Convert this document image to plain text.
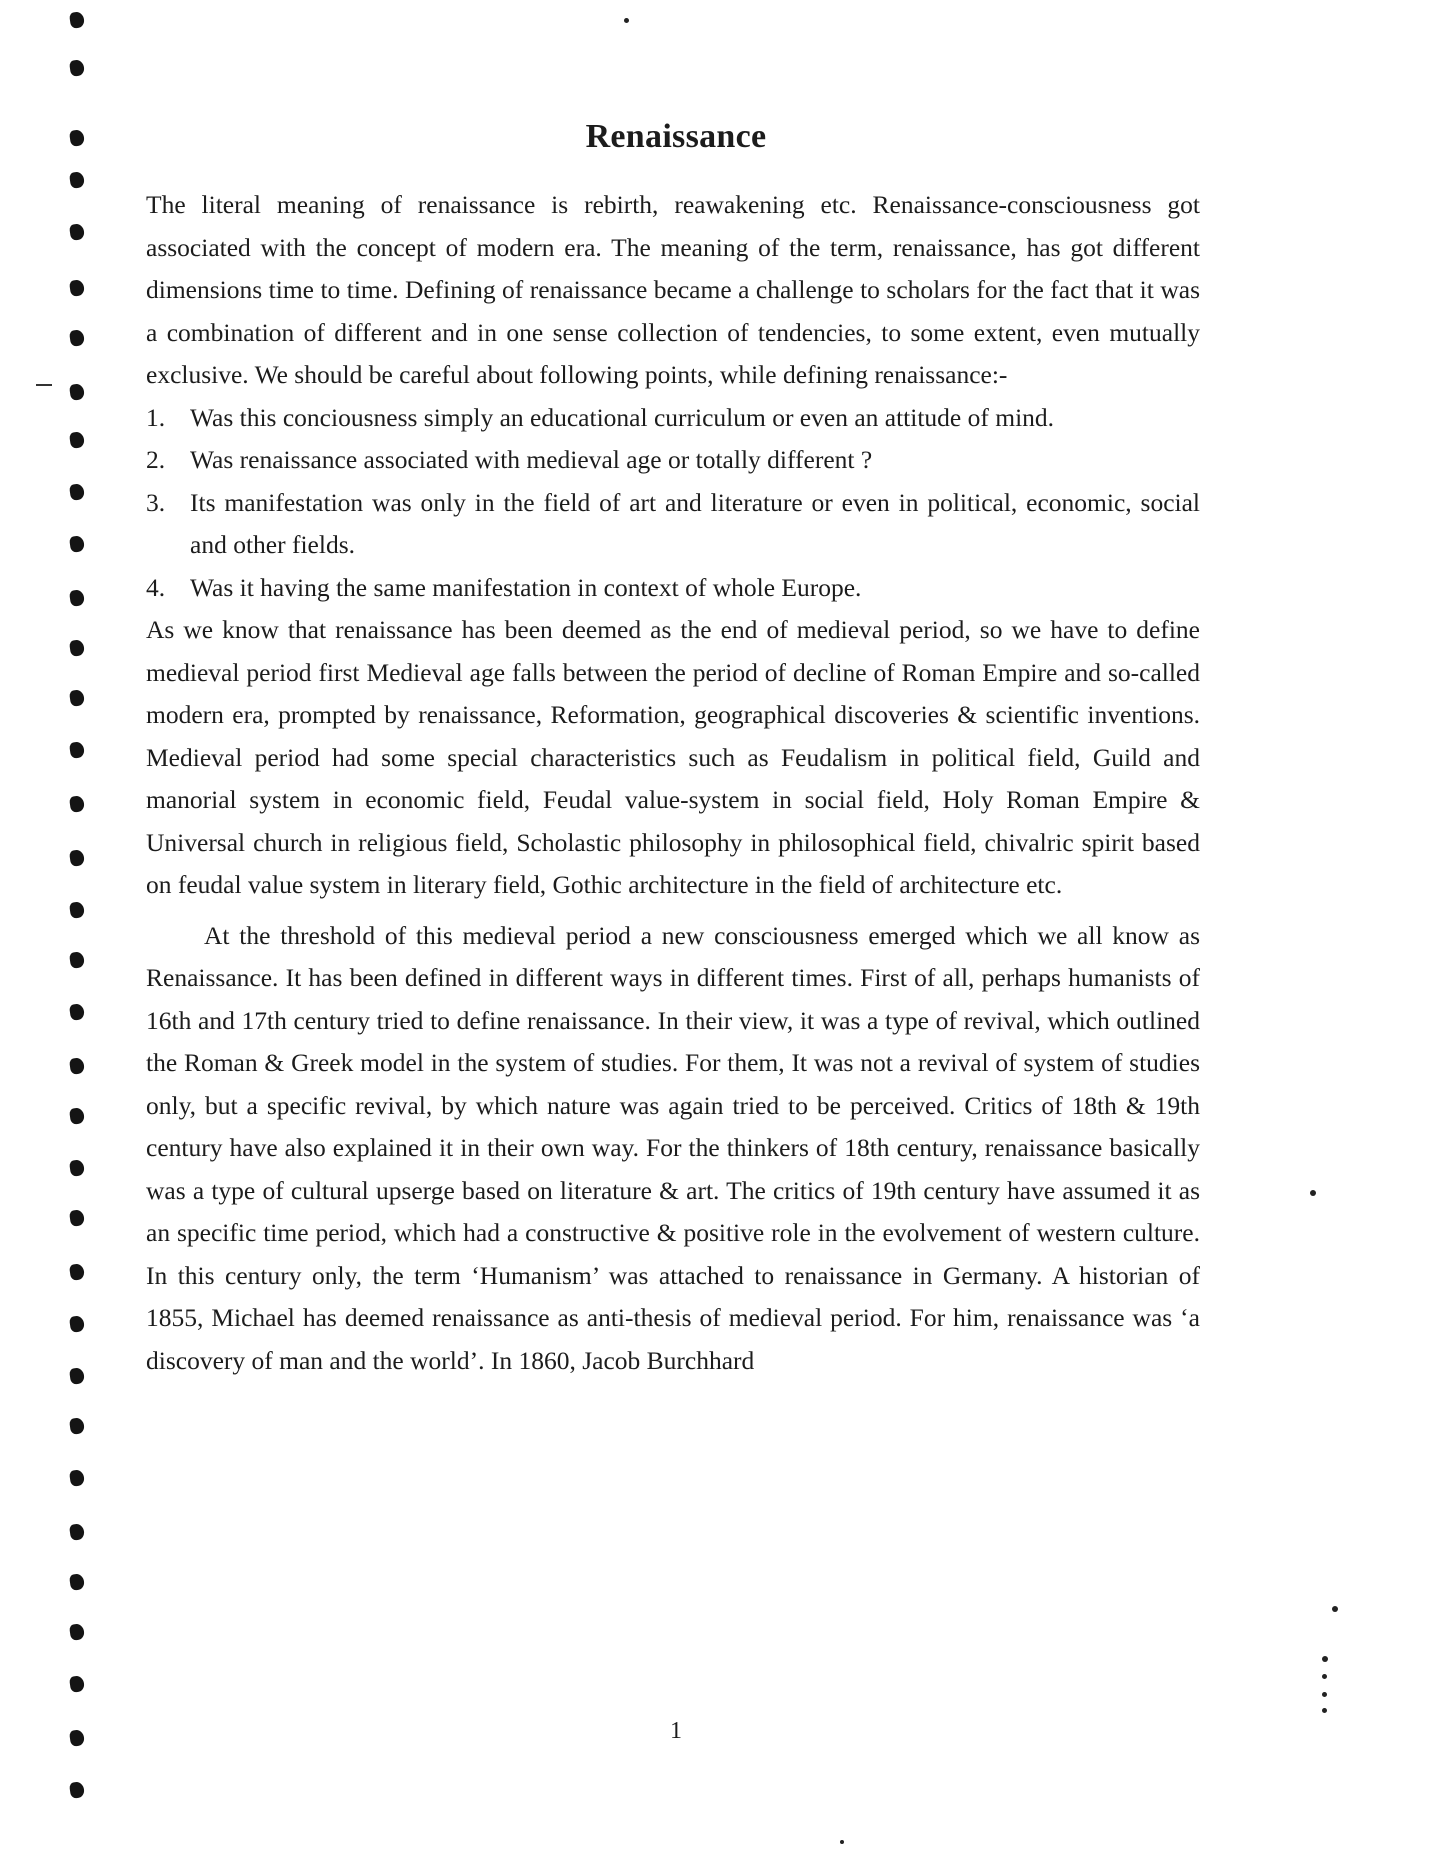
Renaissance

The literal meaning of renaissance is rebirth, reawakening etc. Renaissance-consciousness got associated with the concept of modern era. The meaning of the term, renaissance, has got different dimensions time to time. Defining of renaissance became a challenge to scholars for the fact that it was a combination of different and in one sense collection of tendencies, to some extent, even mutually exclusive. We should be careful about following points, while defining renaissance:-

1. Was this conciousness simply an educational curriculum or even an attitude of mind.
2. Was renaissance associated with medieval age or totally different ?
3. Its manifestation was only in the field of art and literature or even in political, economic, social and other fields.
4. Was it having the same manifestation in context of whole Europe.

As we know that renaissance has been deemed as the end of medieval period, so we have to define medieval period first Medieval age falls between the period of decline of Roman Empire and so-called modern era, prompted by renaissance, Reformation, geographical discoveries & scientific inventions. Medieval period had some special characteristics such as Feudalism in political field, Guild and manorial system in economic field, Feudal value-system in social field, Holy Roman Empire & Universal church in religious field, Scholastic philosophy in philosophical field, chivalric spirit based on feudal value system in literary field, Gothic architecture in the field of architecture etc.

At the threshold of this medieval period a new consciousness emerged which we all know as Renaissance. It has been defined in different ways in different times. First of all, perhaps humanists of 16th and 17th century tried to define renaissance. In their view, it was a type of revival, which outlined the Roman & Greek model in the system of studies. For them, It was not a revival of system of studies only, but a specific revival, by which nature was again tried to be perceived. Critics of 18th & 19th century have also explained it in their own way. For the thinkers of 18th century, renaissance basically was a type of cultural upserge based on literature & art. The critics of 19th century have assumed it as an specific time period, which had a constructive & positive role in the evolvement of western culture. In this century only, the term ‘Humanism’ was attached to renaissance in Germany. A historian of 1855, Michael has deemed renaissance as anti-thesis of medieval period. For him, renaissance was ‘a discovery of man and the world’. In 1860, Jacob Burchhard

1
